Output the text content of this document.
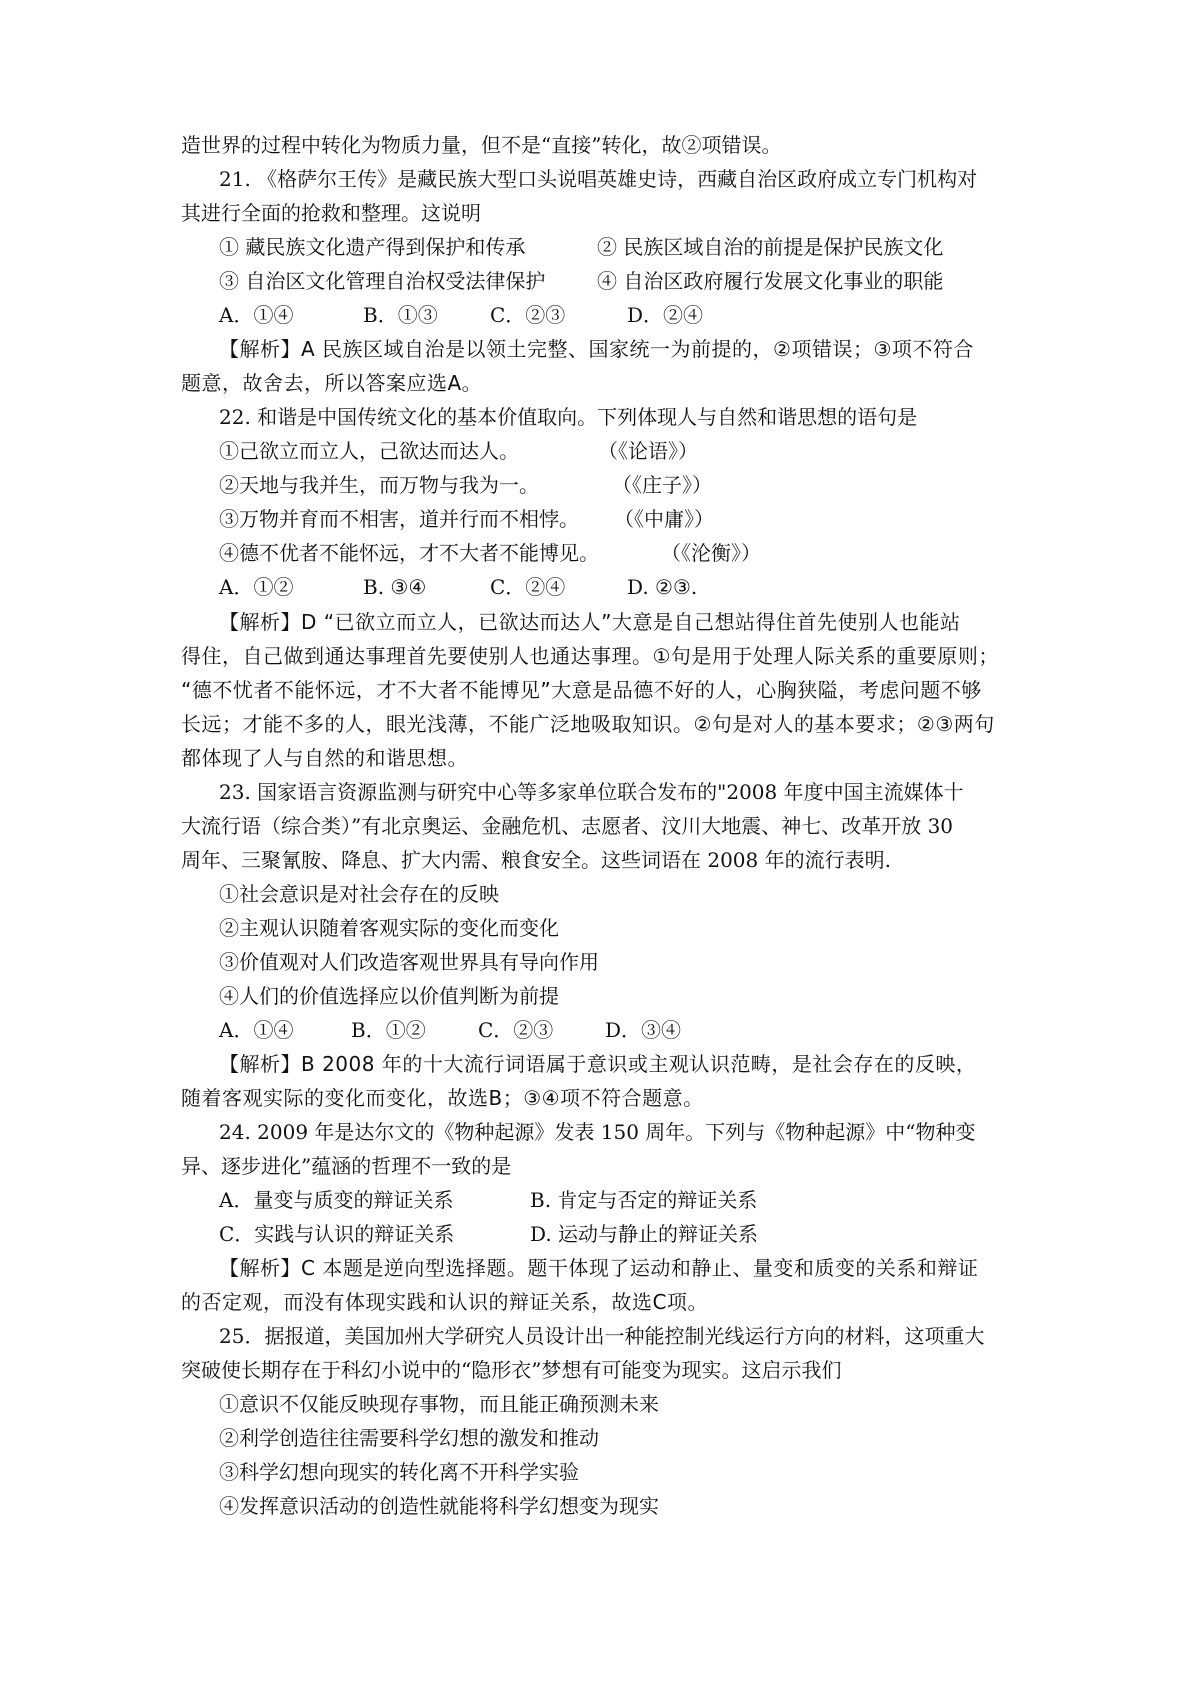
造世界的过程中转化为物质力量，但不是“直接”转化，故②项错误。
21. 《格萨尔王传》是藏民族大型口头说唱英雄史诗，西藏自治区政府成立专门机构对
其进行全面的抢救和整理。这说明
① 藏民族文化遗产得到保护和传承	② 民族区域自治的前提是保护民族文化
③ 自治区文化管理自治权受法律保护	④ 自治区政府履行发展文化事业的职能
A．①④	B．①③	C．②③	D．②④
【解析】A 民族区域自治是以领土完整、国家统一为前提的，②项错误；③项不符合
题意，故舍去，所以答案应选A。
22. 和谐是中国传统文化的基本价值取向。下列体现人与自然和谐思想的语句是
①己欲立而立人，己欲达而达人。	（《论语》）
②天地与我并生，而万物与我为一。	（《庄子》）
③万物并育而不相害，道并行而不相悖。 （《中庸》）
④德不优者不能怀远，才不大者不能博见。	（《沦衡》）
A．①②	B. ③④	C．②④	D. ②③.
【解析】D “已欲立而立人，已欲达而达人”大意是自己想站得住首先使别人也能站
得住，自己做到通达事理首先要使别人也通达事理。①句是用于处理人际关系的重要原则；
“德不忧者不能怀远，才不大者不能博见”大意是品德不好的人，心胸狭隘，考虑问题不够
长远；才能不多的人，眼光浅薄，不能广泛地吸取知识。②句是对人的基本要求；②③两句
都体现了人与自然的和谐思想。
23. 国家语言资源监测与研究中心等多家单位联合发布的"2008 年度中国主流媒体十
大流行语（综合类）”有北京奥运、金融危机、志愿者、汶川大地震、神七、改革开放 30
周年、三聚氰胺、降息、扩大内需、粮食安全。这些词语在 2008 年的流行表明.
①社会意识是对社会存在的反映
②主观认识随着客观实际的变化而变化
③价值观对人们改造客观世界具有导向作用
④人们的价值选择应以价值判断为前提
A．①④	B．①②	C．②③	D．③④
【解析】B 2008 年的十大流行词语属于意识或主观认识范畴，是社会存在的反映，
随着客观实际的变化而变化，故选B；③④项不符合题意。
24. 2009 年是达尔文的《物种起源》发表 150 周年。下列与《物种起源》中“物种变
异、逐步进化”蕴涵的哲理不一致的是
A．量变与质变的辩证关系	B. 肯定与否定的辩证关系
C．实践与认识的辩证关系	D. 运动与静止的辩证关系
【解析】C 本题是逆向型选择题。题干体现了运动和静止、量变和质变的关系和辩证
的否定观，而没有体现实践和认识的辩证关系，故选C项。
25．据报道，美国加州大学研究人员设计出一种能控制光线运行方向的材料，这项重大
突破使长期存在于科幻小说中的“隐形衣”梦想有可能变为现实。这启示我们
①意识不仅能反映现存事物，而且能正确预测未来
②利学创造往往需要科学幻想的激发和推动
③科学幻想向现实的转化离不开科学实验
④发挥意识活动的创造性就能将科学幻想变为现实
